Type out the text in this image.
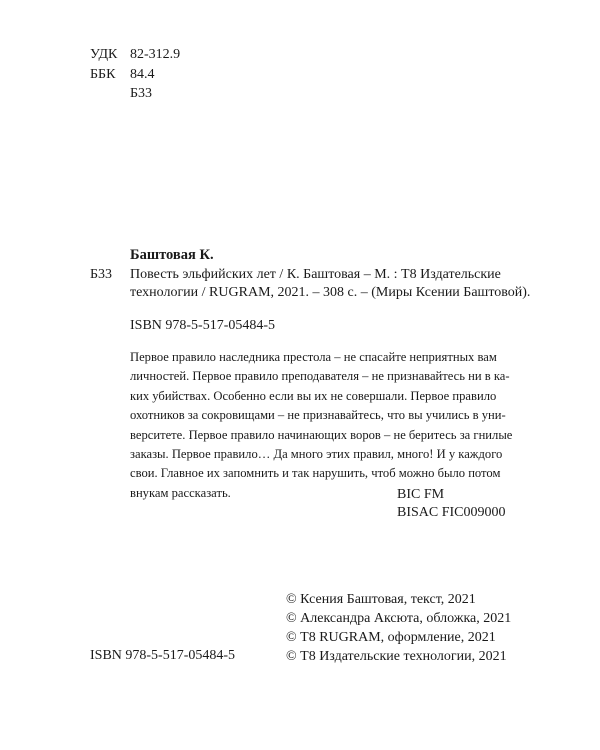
УДК 82-312.9
ББК 84.4
Б33
Баштовая К.
Б33 Повесть эльфийских лет / К. Баштовая – М. : Т8 Издательские
технологии / RUGRAM, 2021. – 308 с. – (Миры Ксении Баштовой).
ISBN 978-5-517-05484-5
Первое правило наследника престола – не спасайте неприятных вам
личностей. Первое правило преподавателя – не признавайтесь ни в ка-
ких убийствах. Особенно если вы их не совершали. Первое правило
охотников за сокровищами – не признавайтесь, что вы учились в уни-
верситете. Первое правило начинающих воров – не беритесь за гнилые
заказы. Первое правило… Да много этих правил, много! И у каждого
свои. Главное их запомнить и так нарушить, чтоб можно было потом
внукам рассказать.	BIC FM
BISAC FIC009000
ISBN 978-5-517-05484-5
© Ксения Баштовая, текст, 2021
© Александра Аксюта, обложка, 2021
© Т8 RUGRAM, оформление, 2021
© Т8 Издательские технологии, 2021
